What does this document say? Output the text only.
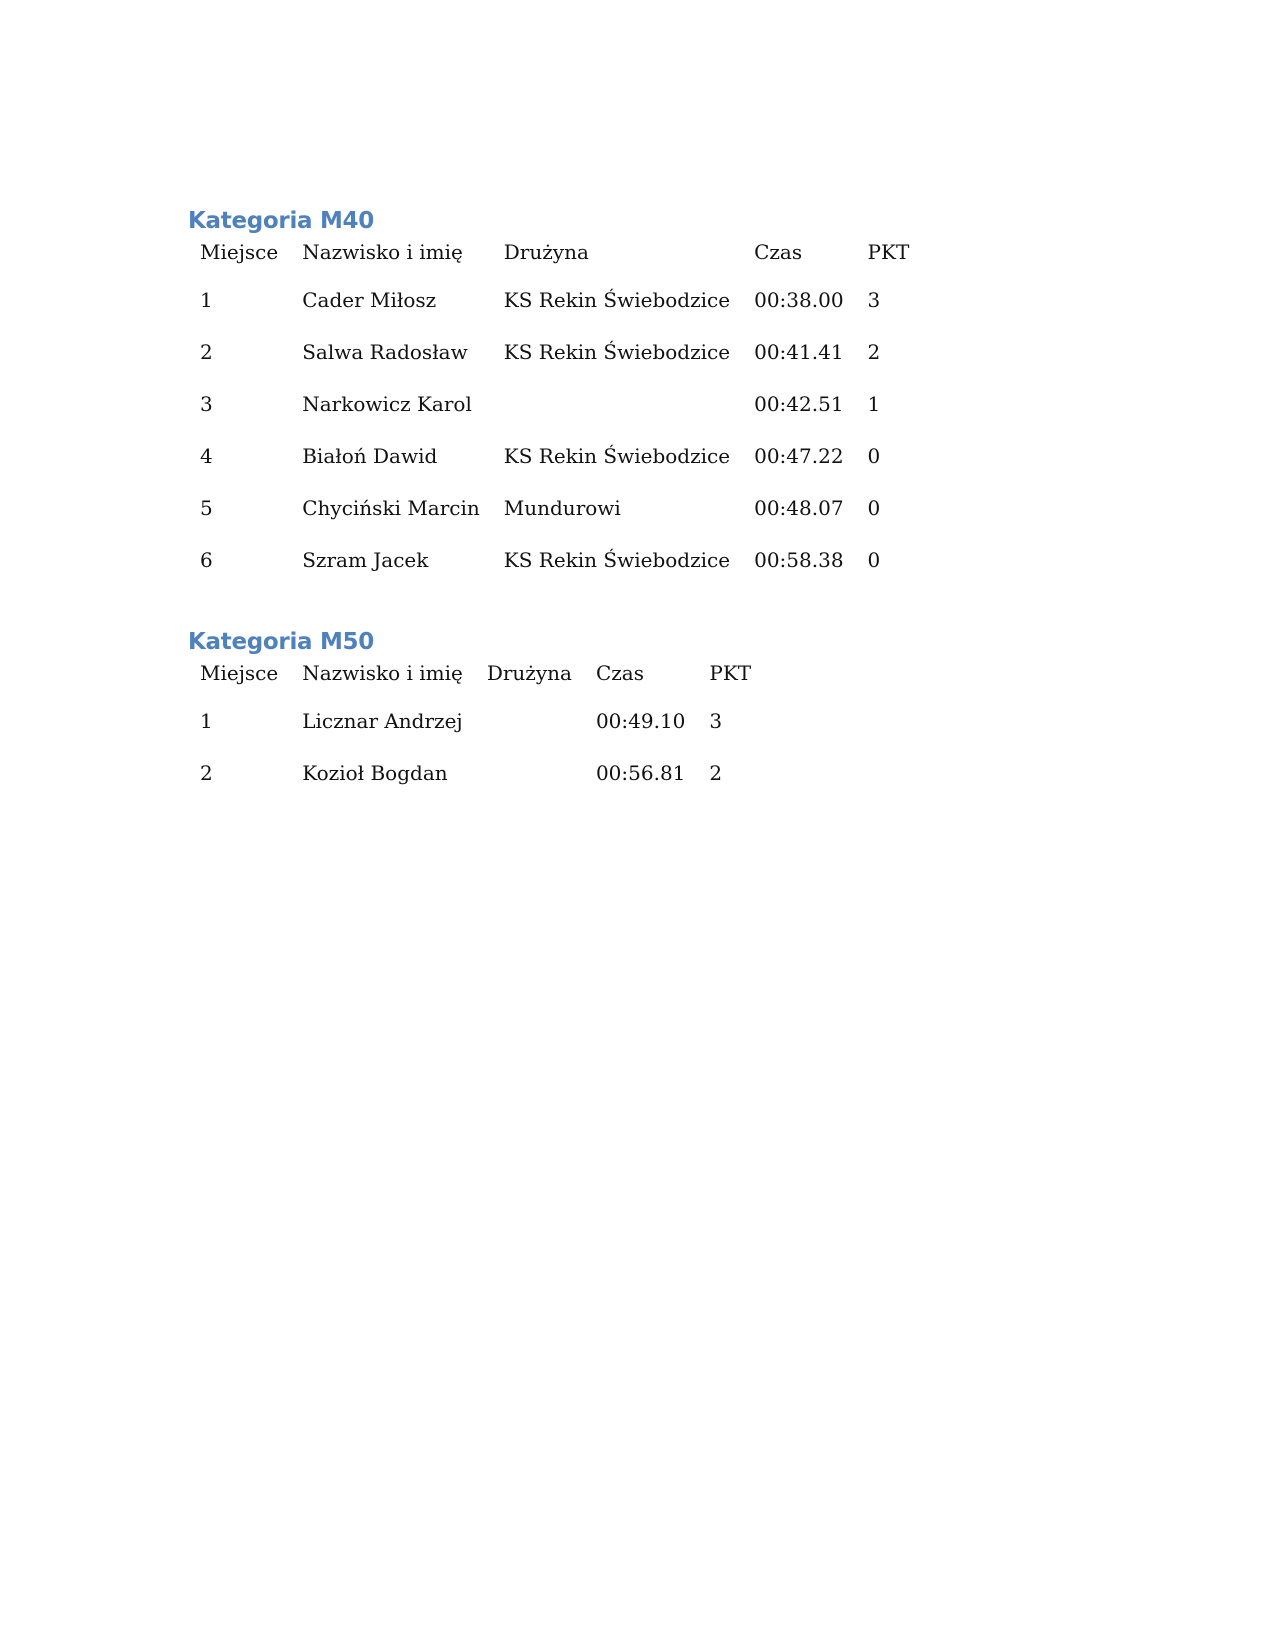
Kategoria M40
Miejsce	Nazwisko i imię	Drużyna	Czas	PKT
1	Cader Miłosz	KS Rekin Świebodzice	00:38.00	3
2	Salwa Radosław	KS Rekin Świebodzice	00:41.41	2
3	Narkowicz Karol		00:42.51	1
4	Białoń Dawid	KS Rekin Świebodzice	00:47.22	0
5	Chyciński Marcin	Mundurowi	00:48.07	0
6	Szram Jacek	KS Rekin Świebodzice	00:58.38	0
Kategoria M50
Miejsce	Nazwisko i imię	Drużyna	Czas	PKT
1	Licznar Andrzej		00:49.10	3
2	Kozioł Bogdan		00:56.81	2
